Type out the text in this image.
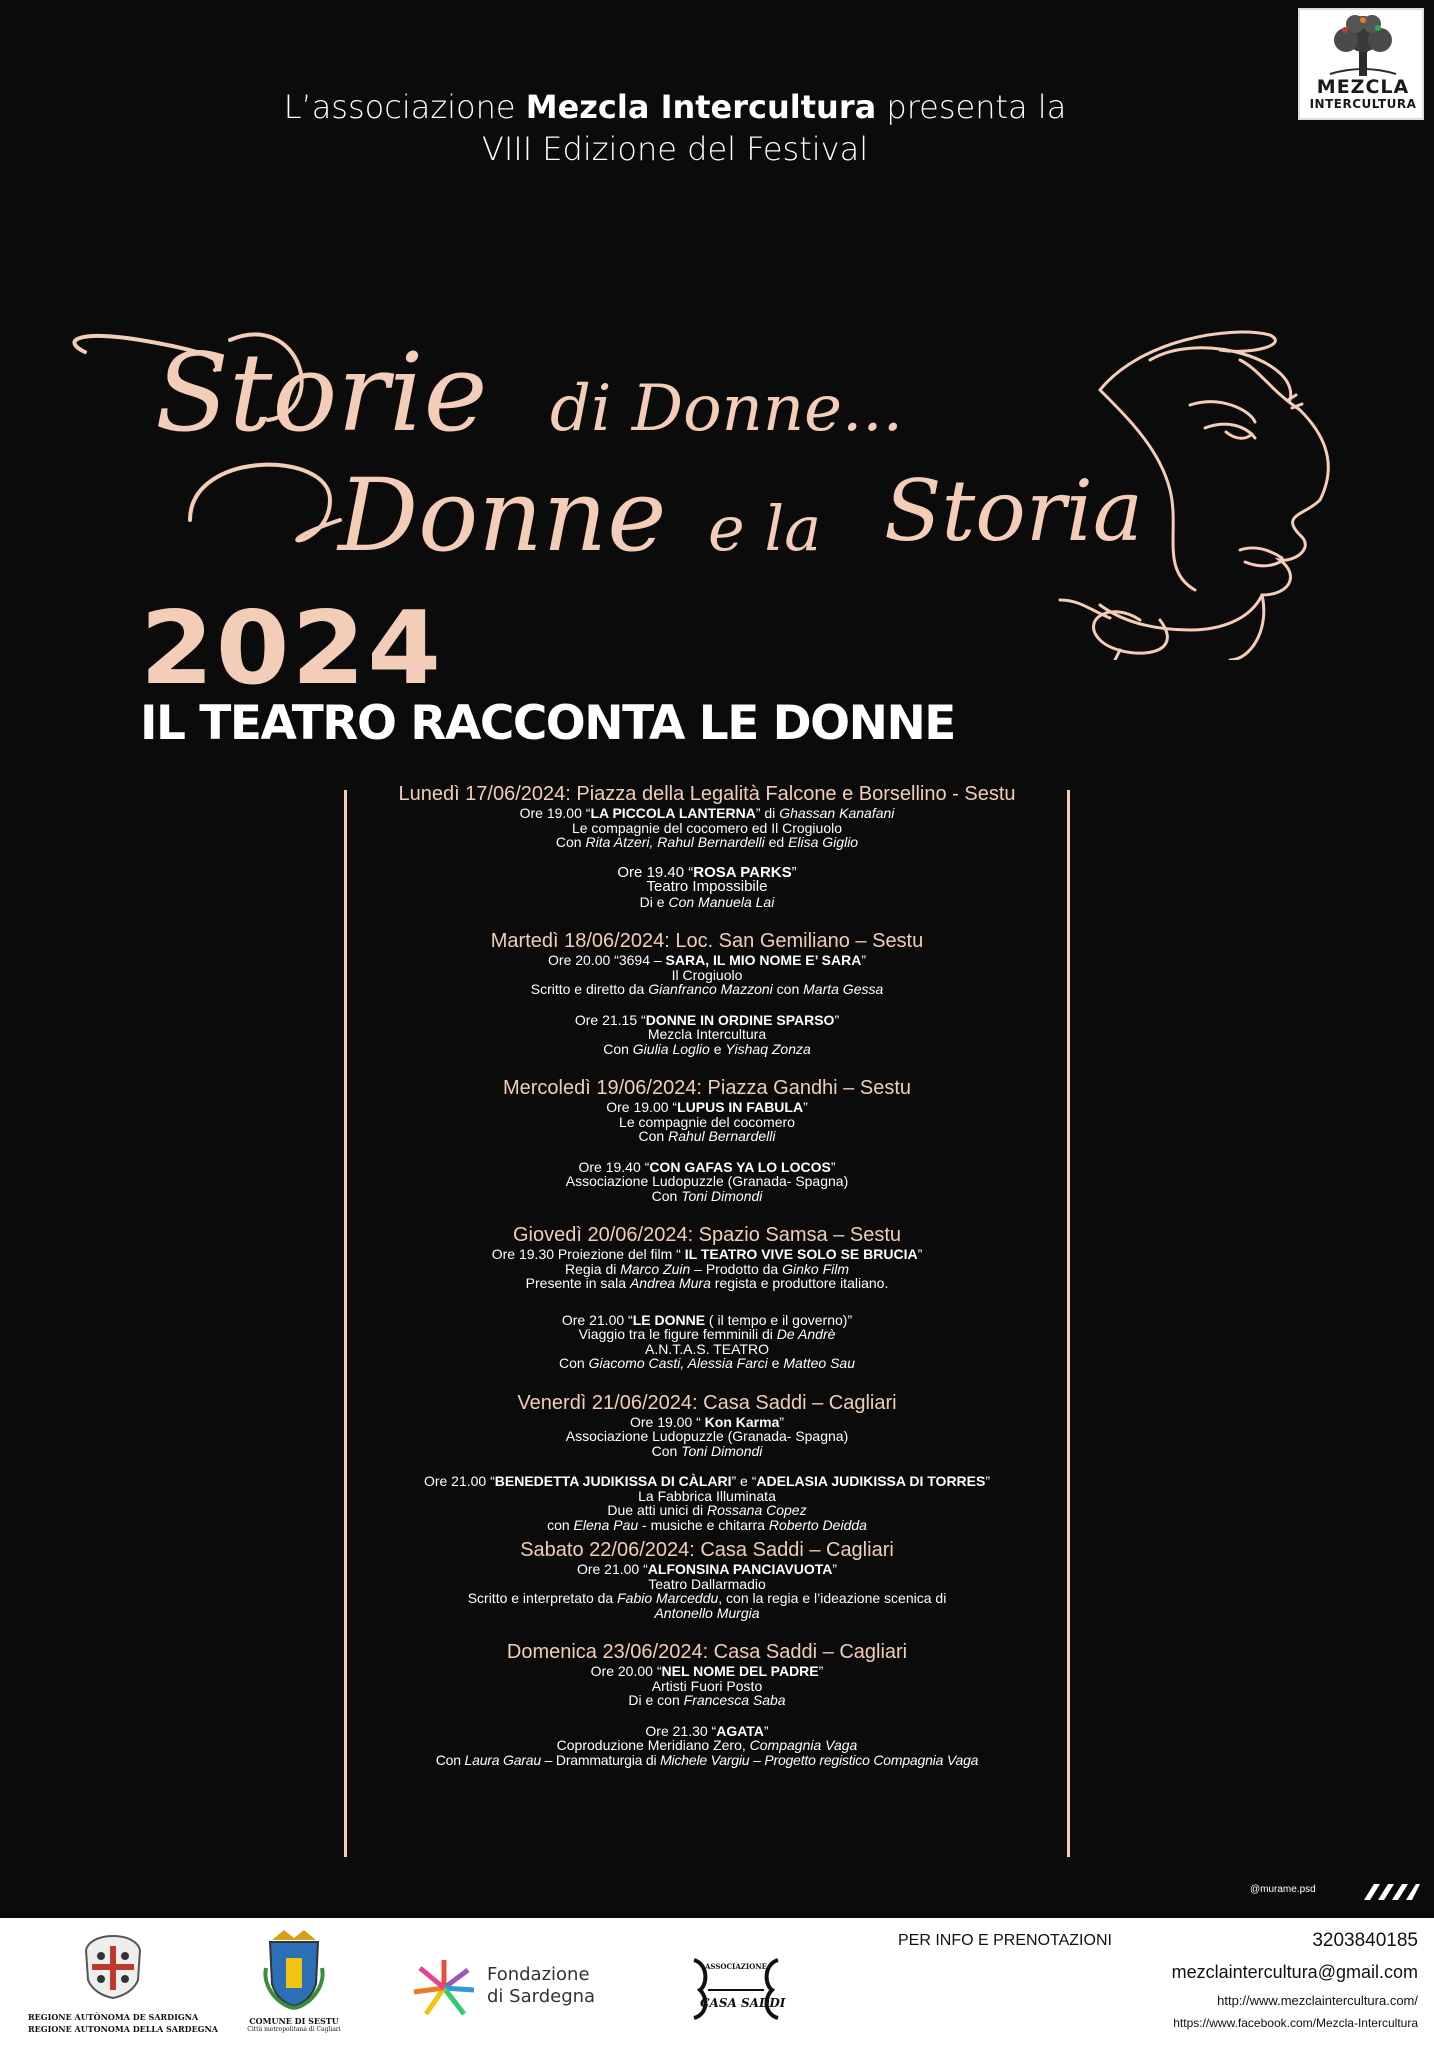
MEZCLA
INTERCULTURA
L’associazione Mezcla Intercultura presenta la
VIII Edizione del Festival
Storie di Donne...
Donne e la Storia
2024
IL TEATRO RACCONTA LE DONNE
Lunedì 17/06/2024: Piazza della Legalità Falcone e Borsellino - Sestu
Ore 19.00 “LA PICCOLA LANTERNA” di Ghassan Kanafani
Le compagnie del cocomero ed Il Crogiuolo
Con Rita Atzeri, Rahul Bernardelli ed Elisa Giglio
Ore 19.40 “ROSA PARKS”
Teatro Impossibile
Di e Con Manuela Lai
Martedì 18/06/2024: Loc. San Gemiliano – Sestu
Ore 20.00 “3694 – SARA, IL MIO NOME E’ SARA”
Il Crogiuolo
Scritto e diretto da Gianfranco Mazzoni con Marta Gessa
Ore 21.15 “DONNE IN ORDINE SPARSO”
Mezcla Intercultura
Con Giulia Loglio e Yishaq Zonza
Mercoledì 19/06/2024: Piazza Gandhi – Sestu
Ore 19.00 “LUPUS IN FABULA”
Le compagnie del cocomero
Con Rahul Bernardelli
Ore 19.40 “CON GAFAS YA LO LOCOS”
Associazione Ludopuzzle (Granada- Spagna)
Con Toni Dimondi
Giovedì 20/06/2024: Spazio Samsa – Sestu
Ore 19.30 Proiezione del film “ IL TEATRO VIVE SOLO SE BRUCIA”
Regia di Marco Zuin – Prodotto da Ginko Film
Presente in sala Andrea Mura regista e produttore italiano.
Ore 21.00 “LE DONNE ( il tempo e il governo)”
Viaggio tra le figure femminili di De Andrè
A.N.T.A.S. TEATRO
Con Giacomo Casti, Alessia Farci e Matteo Sau
Venerdì 21/06/2024: Casa Saddi – Cagliari
Ore 19.00 “ Kon Karma”
Associazione Ludopuzzle (Granada- Spagna)
Con Toni Dimondi
Ore 21.00 “BENEDETTA JUDIKISSA DI CÀLARI” e “ADELASIA JUDIKISSA DI TORRES”
La Fabbrica Illuminata
Due atti unici di Rossana Copez
con Elena Pau - musiche e chitarra Roberto Deidda
Sabato 22/06/2024: Casa Saddi – Cagliari
Ore 21.00 “ALFONSINA PANCIAVUOTA”
Teatro Dallarmadio
Scritto e interpretato da Fabio Marceddu, con la regia e l’ideazione scenica di
Antonello Murgia
Domenica 23/06/2024: Casa Saddi – Cagliari
Ore 20.00 “NEL NOME DEL PADRE”
Artisti Fuori Posto
Di e con Francesca Saba
Ore 21.30 “AGATA”
Coproduzione Meridiano Zero, Compagnia Vaga
Con Laura Garau – Drammaturgia di Michele Vargiu – Progetto registico Compagnia Vaga
@murame.psd
REGIONE AUTÒNOMA DE SARDIGNA
REGIONE AUTONOMA DELLA SARDEGNA
COMUNE DI SESTU
Città metropolitana di Cagliari
ASSOCIAZIONE
CASA SADDI
Fondazione
di Sardegna
PER INFO E PRENOTAZIONI	3203840185
mezclaintercultura@gmail.com
http://www.mezclaintercultura.com/
https://www.facebook.com/Mezcla-Intercultura
